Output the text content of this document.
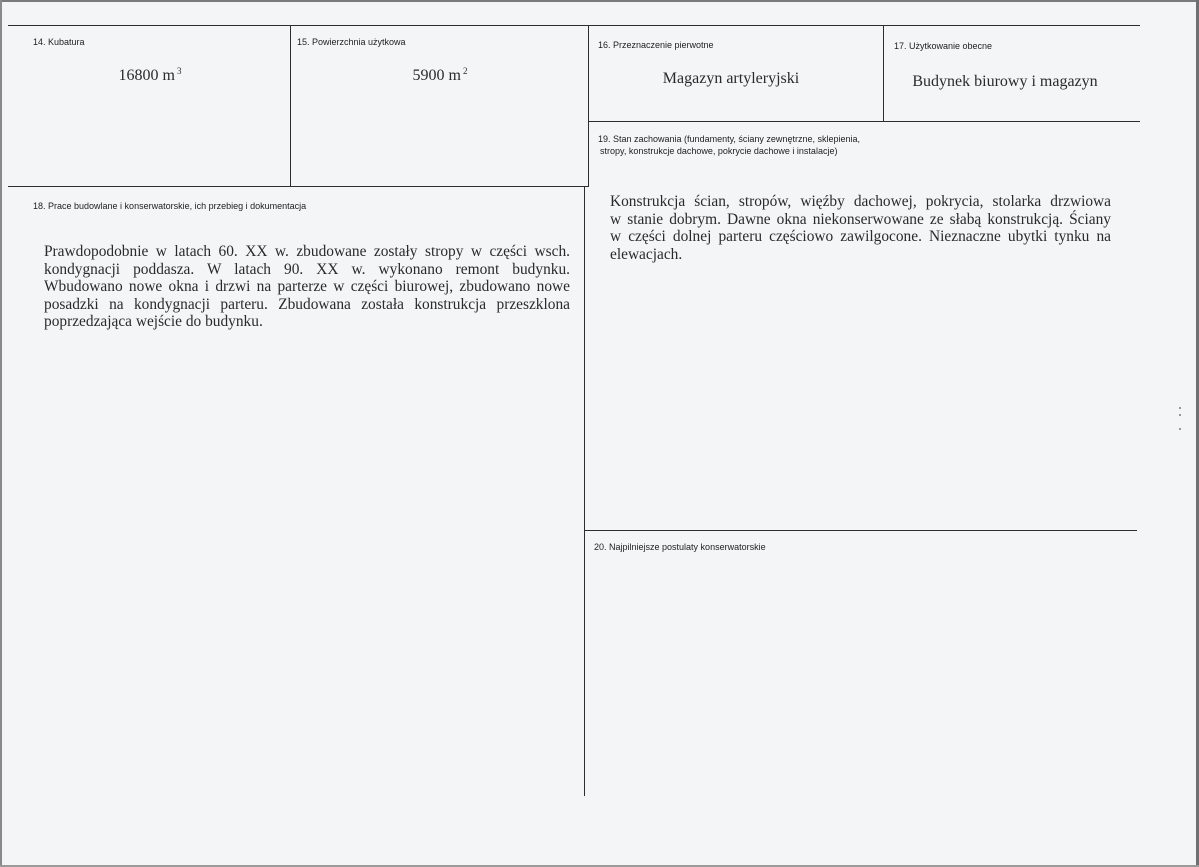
14. Kubatura
16800 m $^3$
15. Powierzchnia użytkowa
5900 m $^2$
16. Przeznaczenie pierwotne
Magazyn artyleryjski
17. Użytkowanie obecne
Budynek biurowy i magazyn
19. Stan zachowania (fundamenty, ściany zewnętrzne, sklepienia,
stropy, konstrukcje dachowe, pokrycie dachowe i instalacje)
Konstrukcja ścian, stropów, więźby dachowej, pokrycia, stolarka drzwiowa
w stanie dobrym. Dawne okna niekonserwowane ze słabą konstrukcją. Ściany
w części dolnej parteru częściowo zawilgocone. Nieznaczne ubytki tynku na
elewacjach.
18. Prace budowlane i konserwatorskie, ich przebieg i dokumentacja
Prawdopodobnie w latach 60. XX w. zbudowane zostały stropy w części wsch.
kondygnacji poddasza. W latach 90. XX w. wykonano remont budynku.
Wbudowano nowe okna i drzwi na parterze w części biurowej, zbudowano nowe
posadzki na kondygnacji parteru. Zbudowana została konstrukcja przeszklona
poprzedzająca wejście do budynku.
20. Najpilniejsze postulaty konserwatorskie
